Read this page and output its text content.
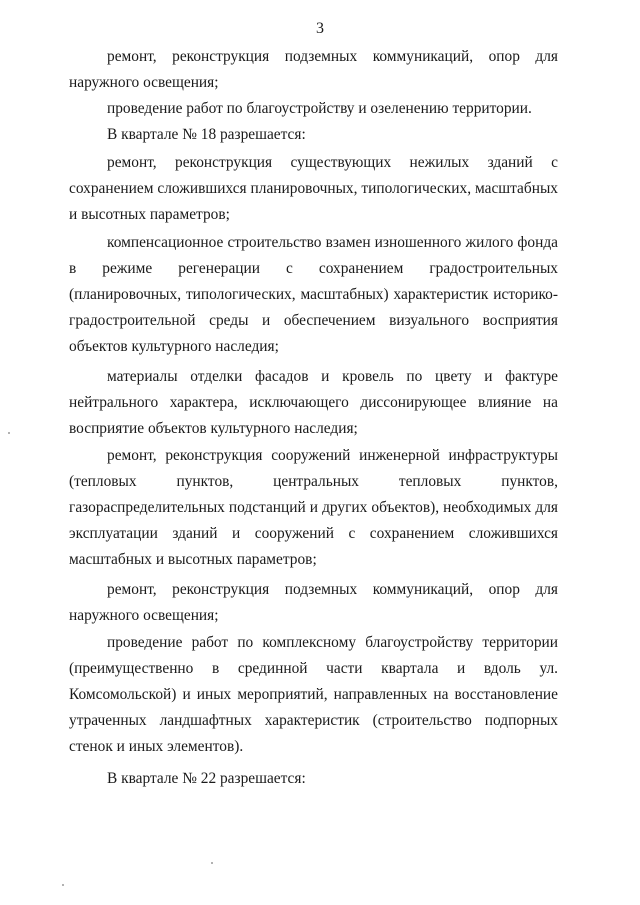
3

ремонт, реконструкция подземных коммуникаций, опор для наружного освещения;

проведение работ по благоустройству и озеленению территории.

В квартале № 18 разрешается:

ремонт, реконструкция существующих нежилых зданий с сохранением сложившихся планировочных, типологических, масштабных и высотных параметров;

компенсационное строительство взамен изношенного жилого фонда в режиме регенерации с сохранением градостроительных (планировочных, типологических, масштабных) характеристик историко-градостроительной среды и обеспечением визуального восприятия объектов культурного наследия;

материалы отделки фасадов и кровель по цвету и фактуре нейтрального характера, исключающего диссонирующее влияние на восприятие объектов культурного наследия;

ремонт, реконструкция сооружений инженерной инфраструктуры (тепловых пунктов, центральных тепловых пунктов, газораспределительных подстанций и других объектов), необходимых для эксплуатации зданий и сооружений с сохранением сложившихся масштабных и высотных параметров;

ремонт, реконструкция подземных коммуникаций, опор для наружного освещения;

проведение работ по комплексному благоустройству территории (преимущественно в срединной части квартала и вдоль ул. Комсомольской) и иных мероприятий, направленных на восстановление утраченных ландшафтных характеристик (строительство подпорных стенок и иных элементов).

В квартале № 22 разрешается:
